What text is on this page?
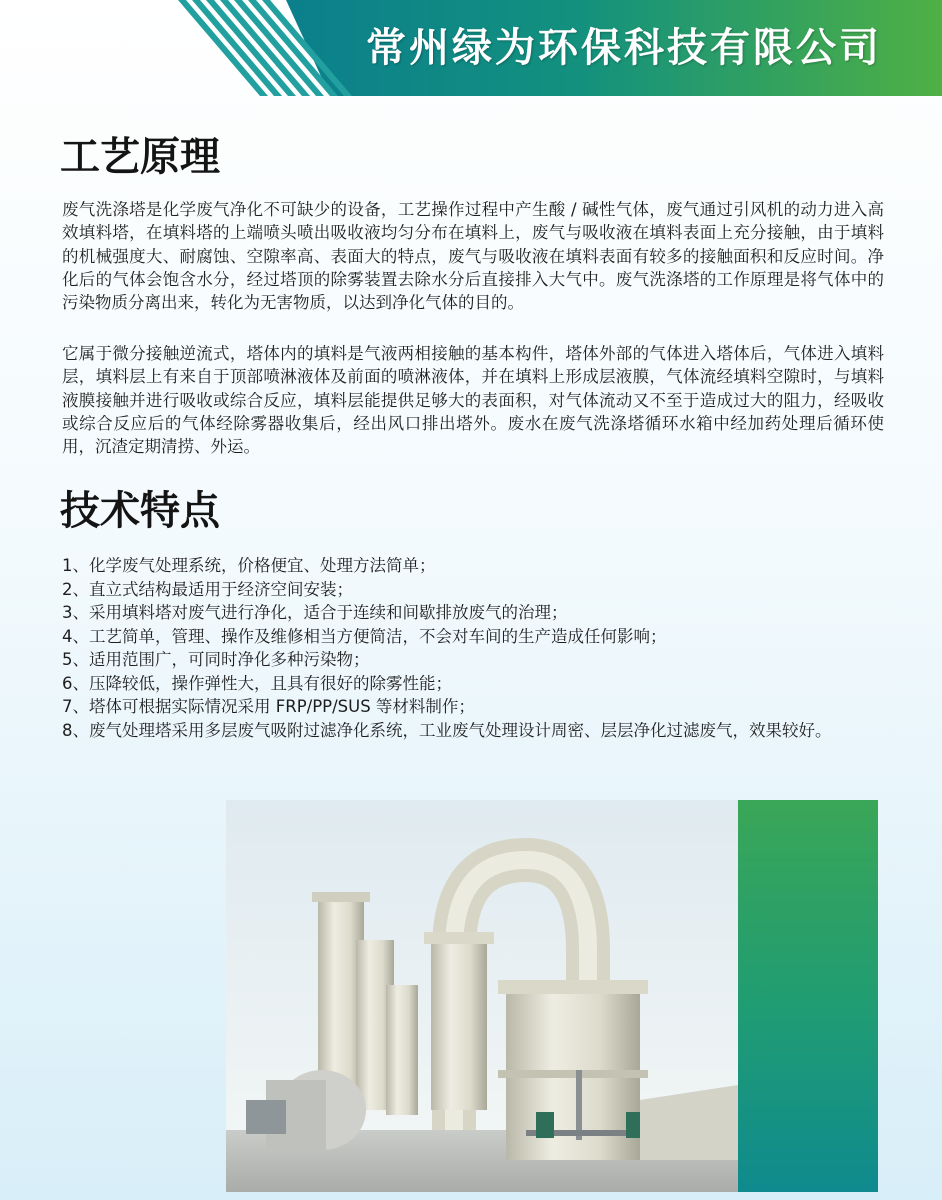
常州绿为环保科技有限公司
工艺原理

废气洗涤塔是化学废气净化不可缺少的设备，工艺操作过程中产生酸 / 碱性气体，废气通过引风机的动力进入高效填料塔，在填料塔的上端喷头喷出吸收液均匀分布在填料上，废气与吸收液在填料表面上充分接触，由于填料的机械强度大、耐腐蚀、空隙率高、表面大的特点，废气与吸收液在填料表面有较多的接触面积和反应时间。净化后的气体会饱含水分，经过塔顶的除雾装置去除水分后直接排入大气中。废气洗涤塔的工作原理是将气体中的污染物质分离出来，转化为无害物质，以达到净化气体的目的。

它属于微分接触逆流式，塔体内的填料是气液两相接触的基本构件，塔体外部的气体进入塔体后，气体进入填料层，填料层上有来自于顶部喷淋液体及前面的喷淋液体，并在填料上形成层液膜，气体流经填料空隙时，与填料液膜接触并进行吸收或综合反应，填料层能提供足够大的表面积，对气体流动又不至于造成过大的阻力，经吸收或综合反应后的气体经除雾器收集后，经出风口排出塔外。废水在废气洗涤塔循环水箱中经加药处理后循环使用，沉渣定期清捞、外运。

技术特点
1、 化学废气处理系统，价格便宜、处理方法简单；
2、 直立式结构最适用于经济空间安装；
3、 采用填料塔对废气进行净化，适合于连续和间歇排放废气的治理；
4、 工艺简单，管理、操作及维修相当方便简洁，不会对车间的生产造成任何影响；
5、 适用范围广，可同时净化多种污染物；
6、 压降较低，操作弹性大，且具有很好的除雾性能；
7、 塔体可根据实际情况采用 FRP/PP/SUS 等材料制作；
8、 废气处理塔采用多层废气吸附过滤净化系统，工业废气处理设计周密、层层净化过滤废气，效果较好。
